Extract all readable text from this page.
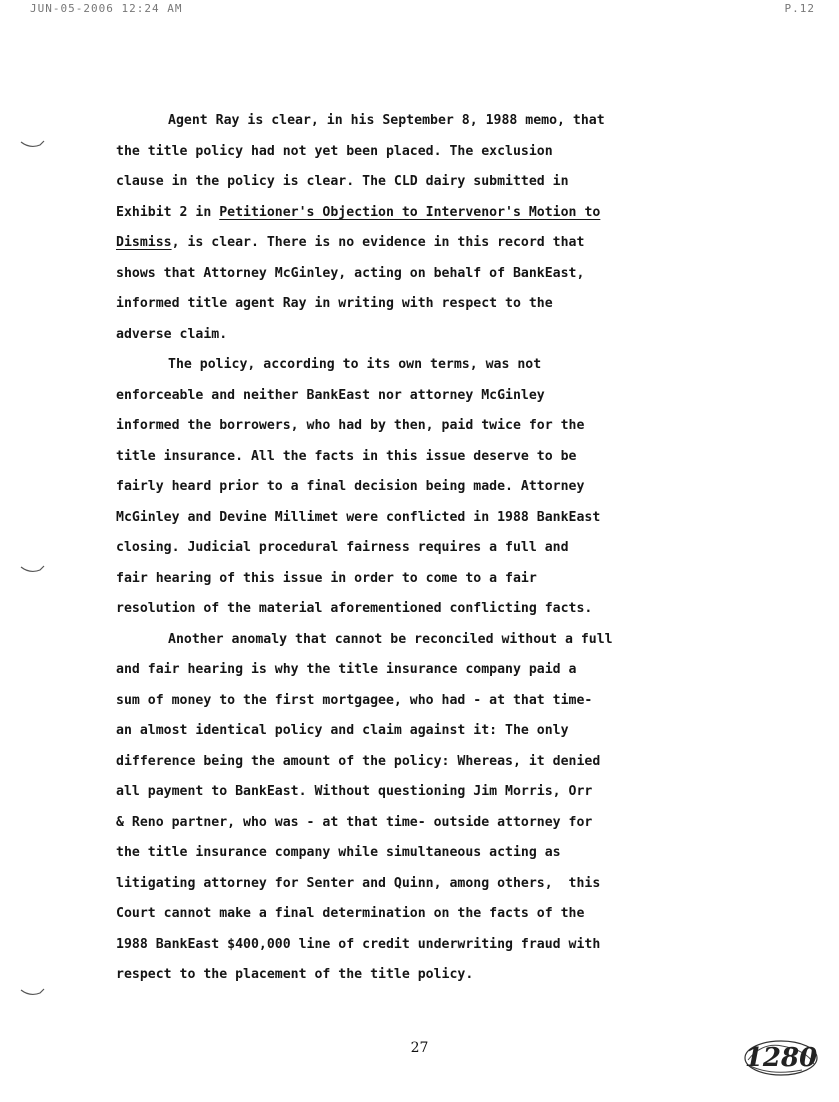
JUN-05-2006 12:24 AM	P.12
Agent Ray is clear, in his September 8, 1988 memo, that
the title policy had not yet been placed. The exclusion
clause in the policy is clear. The CLD dairy submitted in
Exhibit 2 in Petitioner's Objection to Intervenor's Motion to
Dismiss, is clear. There is no evidence in this record that
shows that Attorney McGinley, acting on behalf of BankEast,
informed title agent Ray in writing with respect to the
adverse claim.
The policy, according to its own terms, was not
enforceable and neither BankEast nor attorney McGinley
informed the borrowers, who had by then, paid twice for the
title insurance. All the facts in this issue deserve to be
fairly heard prior to a final decision being made. Attorney
McGinley and Devine Millimet were conflicted in 1988 BankEast
closing. Judicial procedural fairness requires a full and
fair hearing of this issue in order to come to a fair
resolution of the material aforementioned conflicting facts.
Another anomaly that cannot be reconciled without a full
and fair hearing is why the title insurance company paid a
sum of money to the first mortgagee, who had - at that time-
an almost identical policy and claim against it: The only
difference being the amount of the policy: Whereas, it denied
all payment to BankEast. Without questioning Jim Morris, Orr
& Reno partner, who was - at that time- outside attorney for
the title insurance company while simultaneous acting as
litigating attorney for Senter and Quinn, among others,  this
Court cannot make a final determination on the facts of the
1988 BankEast $400,000 line of credit underwriting fraud with
respect to the placement of the title policy.
27	1280
